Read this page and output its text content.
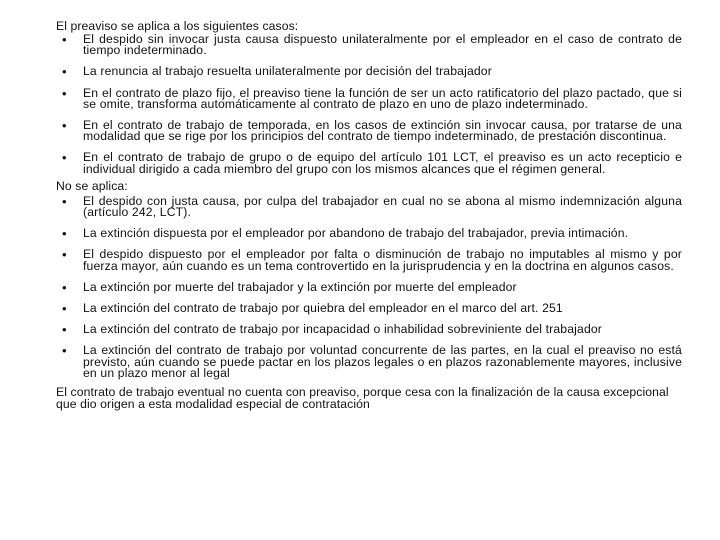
El preaviso se aplica a los siguientes casos:

• El despido sin invocar justa causa dispuesto unilateralmente por el empleador en el caso de contrato de tiempo indeterminado.
• La renuncia al trabajo resuelta unilateralmente por decisión del trabajador
• En el contrato de plazo fijo, el preaviso tiene la función de ser un acto ratificatorio del plazo pactado, que si se omite, transforma automáticamente al contrato de plazo en uno de plazo indeterminado.
• En el contrato de trabajo de temporada, en los casos de extinción sin invocar causa, por tratarse de una modalidad que se rige por los principios del contrato de tiempo indeterminado, de prestación discontinua.
• En el contrato de trabajo de grupo o de equipo del artículo 101 LCT, el preaviso es un acto recepticio e individual dirigido a cada miembro del grupo con los mismos alcances que el régimen general.

No se aplica:

• El despido con justa causa, por culpa del trabajador en cual no se abona al mismo indemnización alguna (artículo 242, LCT).
• La extinción dispuesta por el empleador por abandono de trabajo del trabajador, previa intimación.
• El despido dispuesto por el empleador por falta o disminución de trabajo no imputables al mismo y por fuerza mayor, aún cuando es un tema controvertido en la jurisprudencia y en la doctrina en algunos casos.
• La extinción por muerte del trabajador y la extinción por muerte del empleador
• La extinción del contrato de trabajo por quiebra del empleador en el marco del art. 251
• La extinción del contrato de trabajo por incapacidad o inhabilidad sobreviniente del trabajador
• La extinción del contrato de trabajo por voluntad concurrente de las partes, en la cual el preaviso no está previsto, aún cuando se puede pactar en los plazos legales o en plazos razonablemente mayores, inclusive en un plazo menor al legal

El contrato de trabajo eventual no cuenta con preaviso, porque cesa con la finalización de la causa excepcional que dio origen a esta modalidad especial de contratación
